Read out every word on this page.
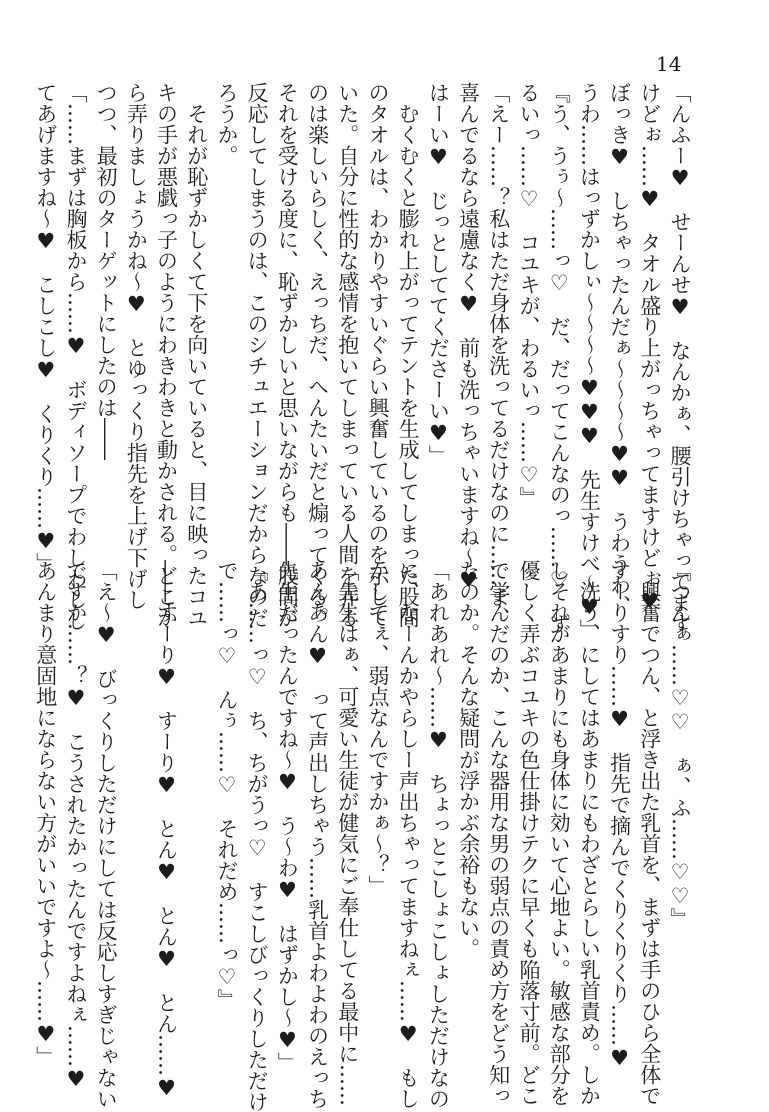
14
「んふー♥　せーんせ♥　なんかぁ、腰引けちゃってます
けどぉ……♥　タオル盛り上がっちゃってますけどぉ♥
ぼっき♥　しちゃったんだぁ〜〜〜〜♥♥　うわうわ、
うわ……はっずかしぃ〜〜〜〜♥♥♥　先生すけべ〜♥」
『う、うぅ〜……っ♡　だ、だってこんなのっ……♡　ず
るいっ……♡　コユキが、わるいっ……♡』
「えー……？私はただ身体を洗ってるだけなのに……ま、
喜んでるなら遠慮なく♥　前も洗っちゃいますね〜♥
はーい♥　じっとしててくださーい♥」
　むくむくと膨れ上がってテントを生成してしまった股間
のタオルは、わかりやすいぐらい興奮しているのを示して
いた。自分に性的な感情を抱いてしまっている人間を弄る
のは楽しいらしく、えっちだ、へんたいだと煽ってくる。
それを受ける度に、恥ずかしいと思いながらも――股間が
反応してしまうのは、このシチュエーションだからなのだ
ろうか。
　それが恥ずかしくて下を向いていると、目に映ったコユ
キの手が悪戯っ子のようにわきわきと動かされる。どこか
ら弄りましょうかね〜♥　とゆっくり指先を上げ下げし
つつ、最初のターゲットにしたのは――
「……まずは胸板から……♥　ボディソープでわしわしし
てあげますね〜♥　こしこし♥　くりくり……♥」
『つんぁ……♡♡　ぁ、ふ……♡♡』
　興奮でつん、と浮き出た乳首を、まずは手のひら全体で
すーりすり……♥　指先で摘んでくりくりくり……♥
　洗う、にしてはあまりにもわざとらしい乳首責め。しか
しそれがあまりにも身体に効いて心地よい。敏感な部分を
優しく弄ぶコユキの色仕掛けテクに早くも陥落寸前。どこ
で学んだのか、こんな器用な男の弱点の責め方をどう知っ
たのか。そんな疑問が浮かぶ余裕もない。
「あれあれ〜……♥　ちょっとこしょこしょしただけなの
に、なーんかやらしー声出ちゃってますねぇ……♥　もし
かしてぇ、弱点なんですかぁ〜？」
「先生はぁ、可愛い生徒が健気にご奉仕してる最中に……
あんあん♥　って声出しちゃう……乳首よわよわのえっち
先生だったんですね〜♥　う〜わ♥　はずかし〜♥」
『あ……っ♡　ち、ちがうっ♡　すこしびっくりしただけ
で……っ♡　んぅ……♡　それだめ……っ♡』

――すーり♥　すーり♥　とん♥　とん♥　とん……♥

「え〜♥　びっくりしただけにしては反応しすぎじゃない
ですか……？♥　こうされたかったんですよねぇ……♥
あんまり意固地にならない方がいいですよ〜……♥」
